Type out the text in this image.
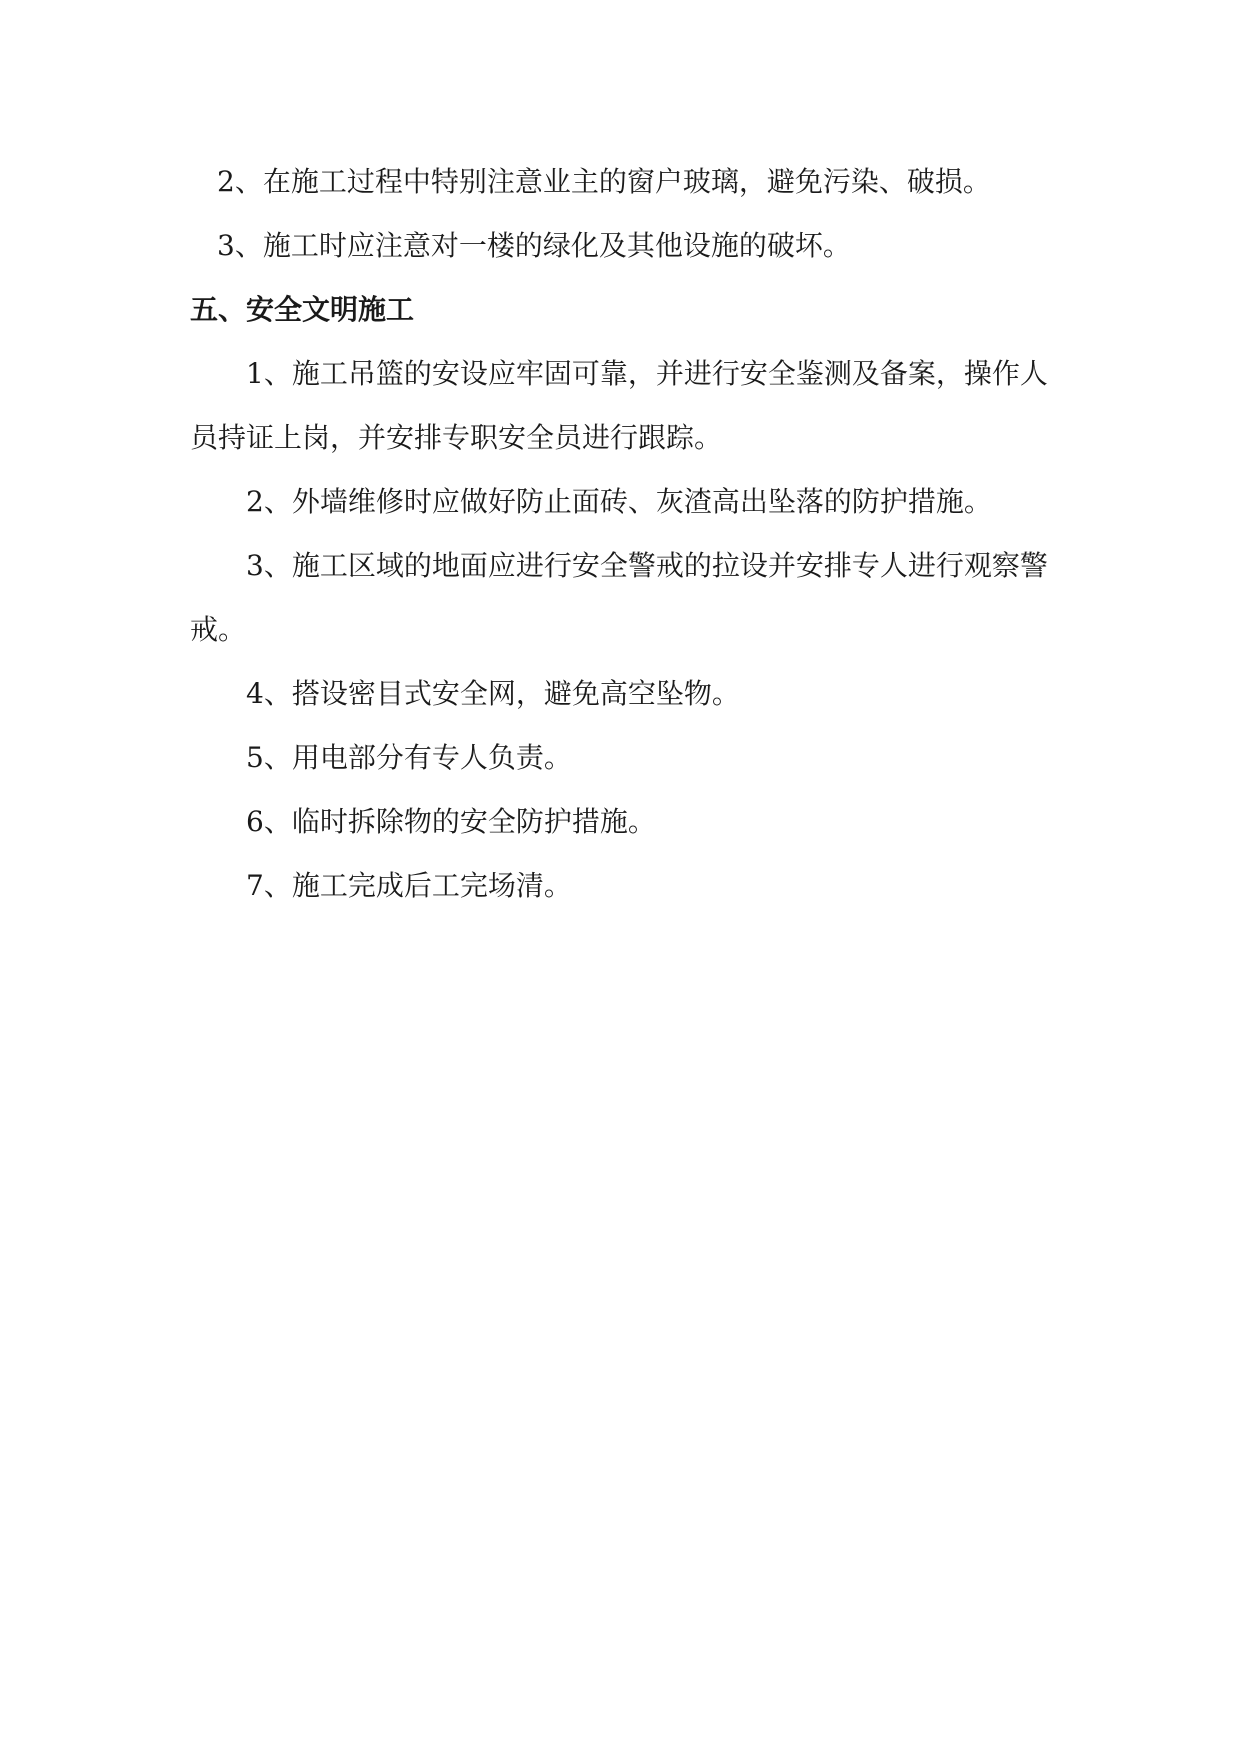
2、在施工过程中特别注意业主的窗户玻璃，避免污染、破损。

3、施工时应注意对一楼的绿化及其他设施的破坏。

五、安全文明施工

1、施工吊篮的安设应牢固可靠，并进行安全鉴测及备案，操作人员持证上岗，并安排专职安全员进行跟踪。

2、外墙维修时应做好防止面砖、灰渣高出坠落的防护措施。

3、施工区域的地面应进行安全警戒的拉设并安排专人进行观察警戒。

4、搭设密目式安全网，避免高空坠物。

5、用电部分有专人负责。

6、临时拆除物的安全防护措施。

7、施工完成后工完场清。
